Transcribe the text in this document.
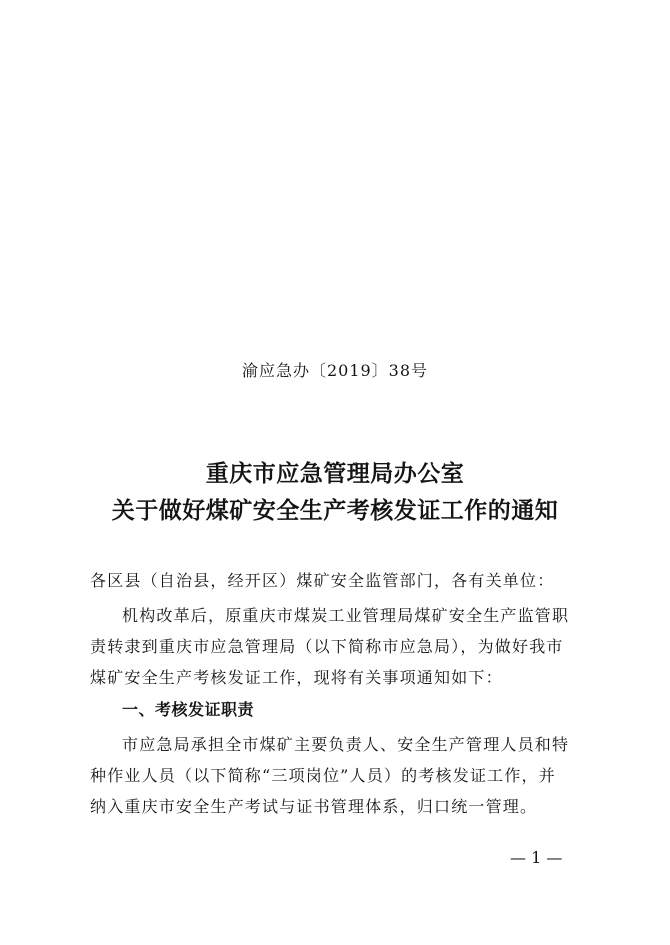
渝应急办〔2019〕38号
重庆市应急管理局办公室
关于做好煤矿安全生产考核发证工作的通知
各区县（自治县，经开区）煤矿安全监管部门，各有关单位：
机构改革后，原重庆市煤炭工业管理局煤矿安全生产监管职
责转隶到重庆市应急管理局（以下简称市应急局），为做好我市
煤矿安全生产考核发证工作，现将有关事项通知如下：
一、考核发证职责
市应急局承担全市煤矿主要负责人、安全生产管理人员和特
种作业人员（以下简称“三项岗位”人员）的考核发证工作，并
纳入重庆市安全生产考试与证书管理体系，归口统一管理。
— 1 —
